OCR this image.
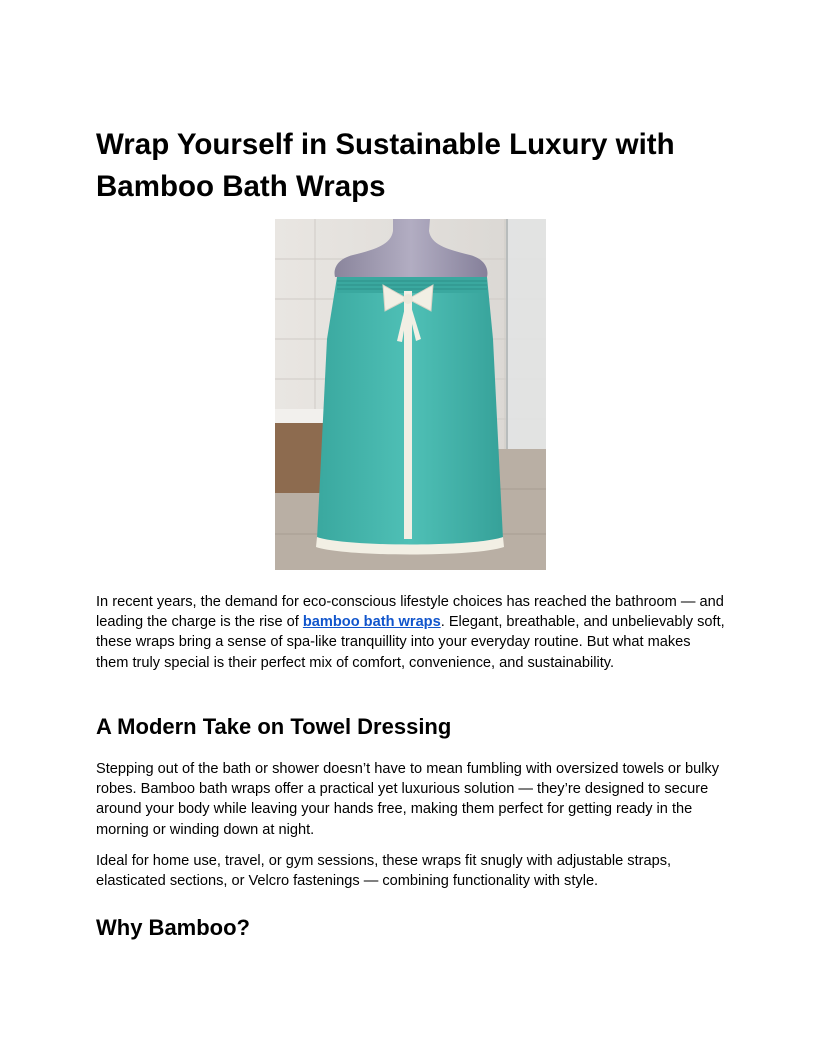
Wrap Yourself in Sustainable Luxury with Bamboo Bath Wraps

In recent years, the demand for eco-conscious lifestyle choices has reached the bathroom — and leading the charge is the rise of bamboo bath wraps. Elegant, breathable, and unbelievably soft, these wraps bring a sense of spa-like tranquillity into your everyday routine. But what makes them truly special is their perfect mix of comfort, convenience, and sustainability.

A Modern Take on Towel Dressing

Stepping out of the bath or shower doesn’t have to mean fumbling with oversized towels or bulky robes. Bamboo bath wraps offer a practical yet luxurious solution — they’re designed to secure around your body while leaving your hands free, making them perfect for getting ready in the morning or winding down at night.

Ideal for home use, travel, or gym sessions, these wraps fit snugly with adjustable straps, elasticated sections, or Velcro fastenings — combining functionality with style.

Why Bamboo?
